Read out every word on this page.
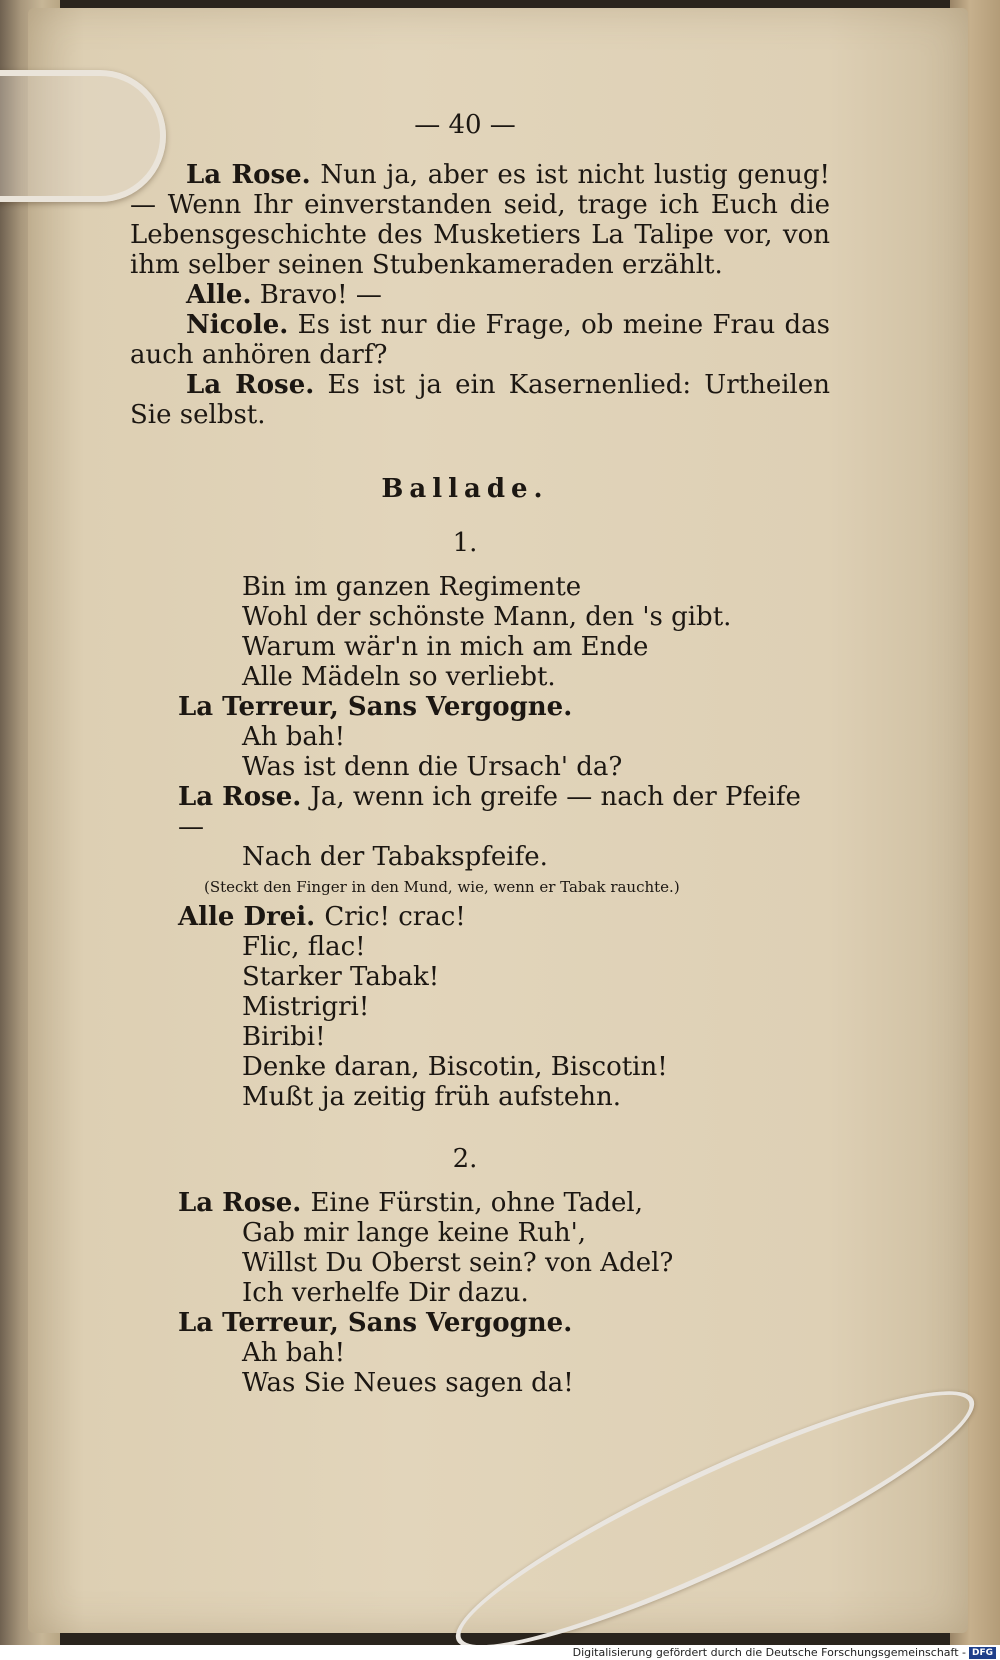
— 40 —

La Rose. Nun ja, aber es ist nicht lustig genug! — Wenn Ihr einverstanden seid, trage ich Euch die Lebensgeschichte des Musketiers La Talipe vor, von ihm selber seinen Stubenkameraden erzählt.

Alle. Bravo! —

Nicole. Es ist nur die Frage, ob meine Frau das auch anhören darf?

La Rose. Es ist ja ein Kasernenlied: Urtheilen Sie selbst.

Ballade.
1.
Bin im ganzen Regimente
Wohl der schönste Mann, den 's gibt.
Warum wär'n in mich am Ende
Alle Mädeln so verliebt.
La Terreur, Sans Vergogne.
Ah bah!
Was ist denn die Ursach' da?
La Rose. Ja, wenn ich greife — nach der Pfeife —
Nach der Tabakspfeife.
(Steckt den Finger in den Mund, wie, wenn er Tabak rauchte.)
Alle Drei. Cric! crac!
Flic, flac!
Starker Tabak!
Mistrigri!
Biribi!
Denke daran, Biscotin, Biscotin!
Mußt ja zeitig früh aufstehn.
2.
La Rose. Eine Fürstin, ohne Tadel,
Gab mir lange keine Ruh',
Willst Du Oberst sein? von Adel?
Ich verhelfe Dir dazu.
La Terreur, Sans Vergogne.
Ah bah!
Was Sie Neues sagen da!
Digitalisierung gefördert durch die Deutsche Forschungsgemeinschaft - DFG
